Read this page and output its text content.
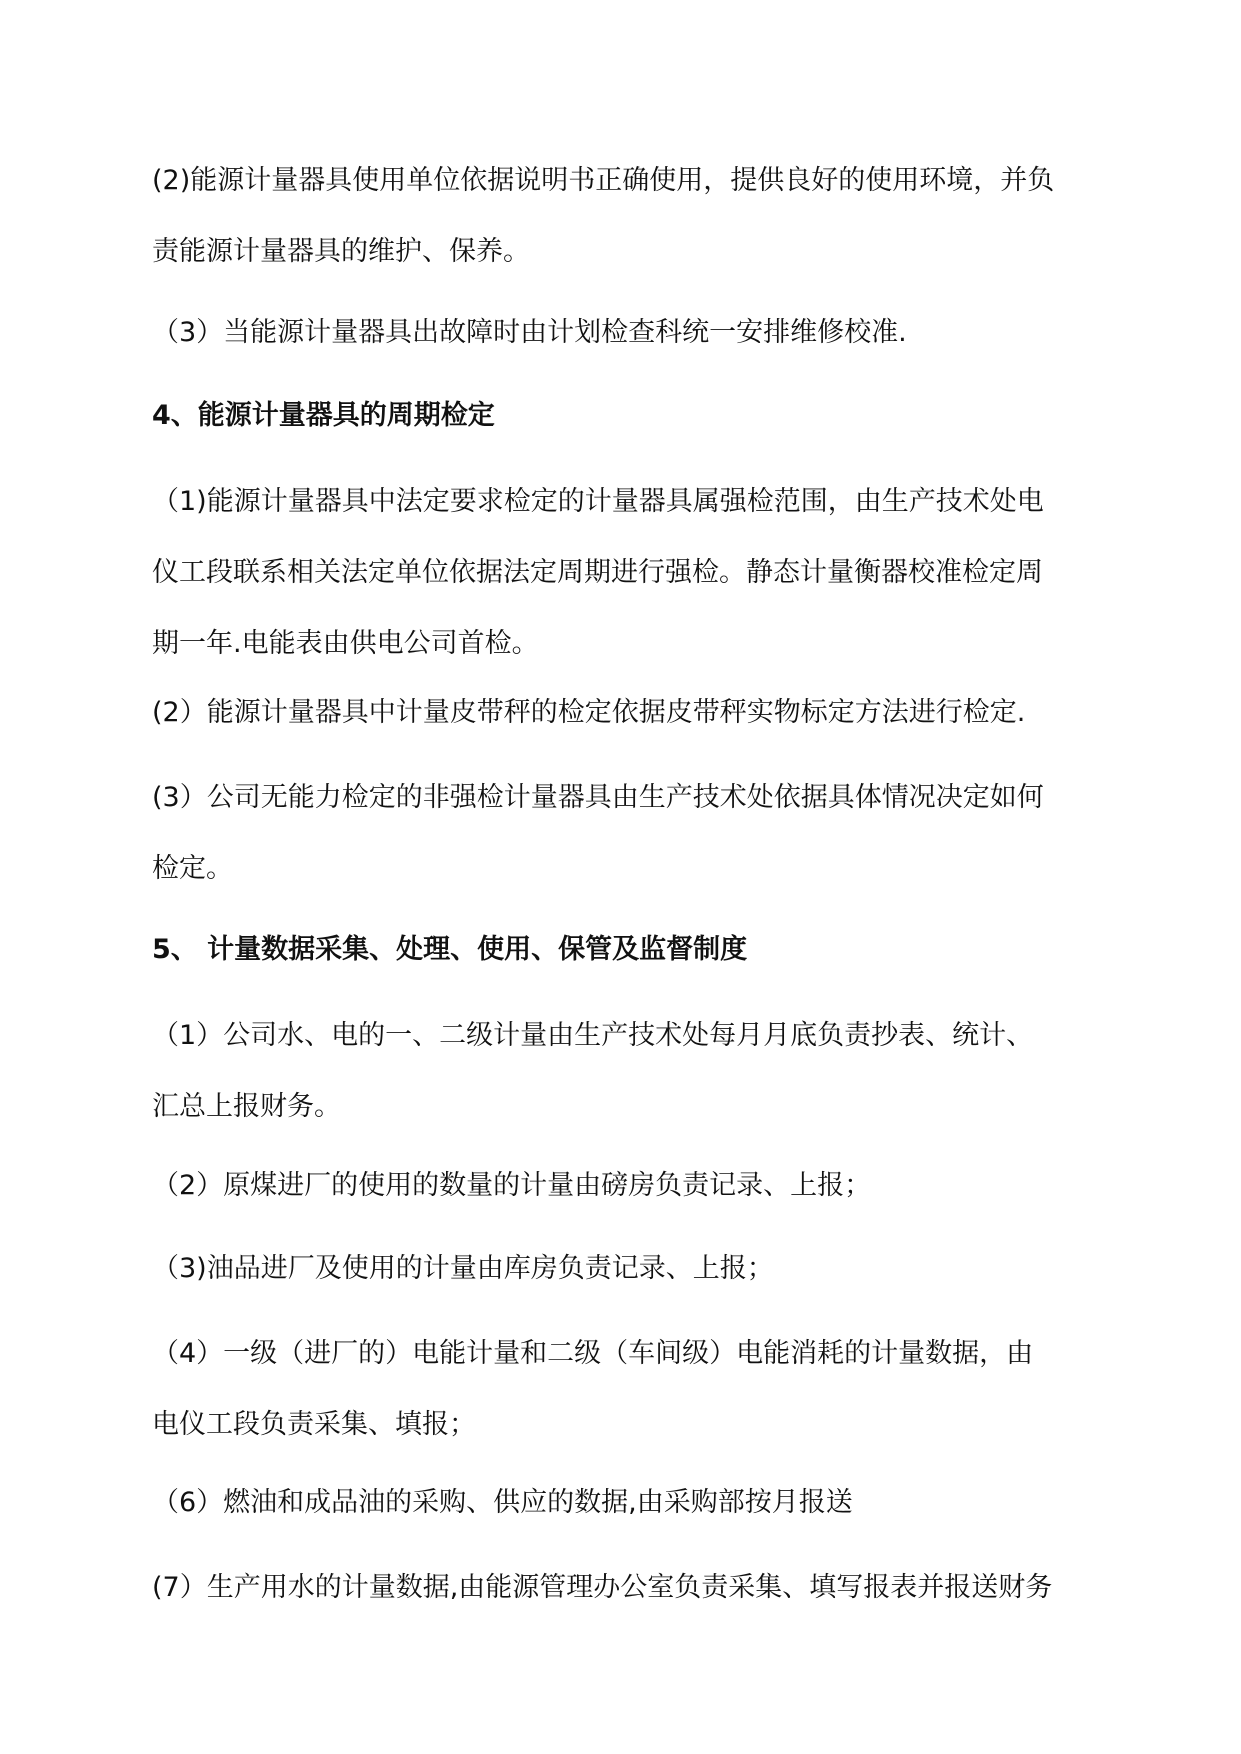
(2)能源计量器具使用单位依据说明书正确使用，提供良好的使用环境，并负
责能源计量器具的维护、保养。
（3）当能源计量器具出故障时由计划检查科统一安排维修校准.
4、能源计量器具的周期检定
（1)能源计量器具中法定要求检定的计量器具属强检范围，由生产技术处电
仪工段联系相关法定单位依据法定周期进行强检。静态计量衡器校准检定周
期一年.电能表由供电公司首检。
(2）能源计量器具中计量皮带秤的检定依据皮带秤实物标定方法进行检定.
(3）公司无能力检定的非强检计量器具由生产技术处依据具体情况决定如何
检定。
5、 计量数据采集、处理、使用、保管及监督制度
（1）公司水、电的一、二级计量由生产技术处每月月底负责抄表、统计、
汇总上报财务。
（2）原煤进厂的使用的数量的计量由磅房负责记录、上报；
（3)油品进厂及使用的计量由库房负责记录、上报；
（4）一级（进厂的）电能计量和二级（车间级）电能消耗的计量数据，由
电仪工段负责采集、填报；
（6）燃油和成品油的采购、供应的数据,由采购部按月报送
(7）生产用水的计量数据,由能源管理办公室负责采集、填写报表并报送财务
